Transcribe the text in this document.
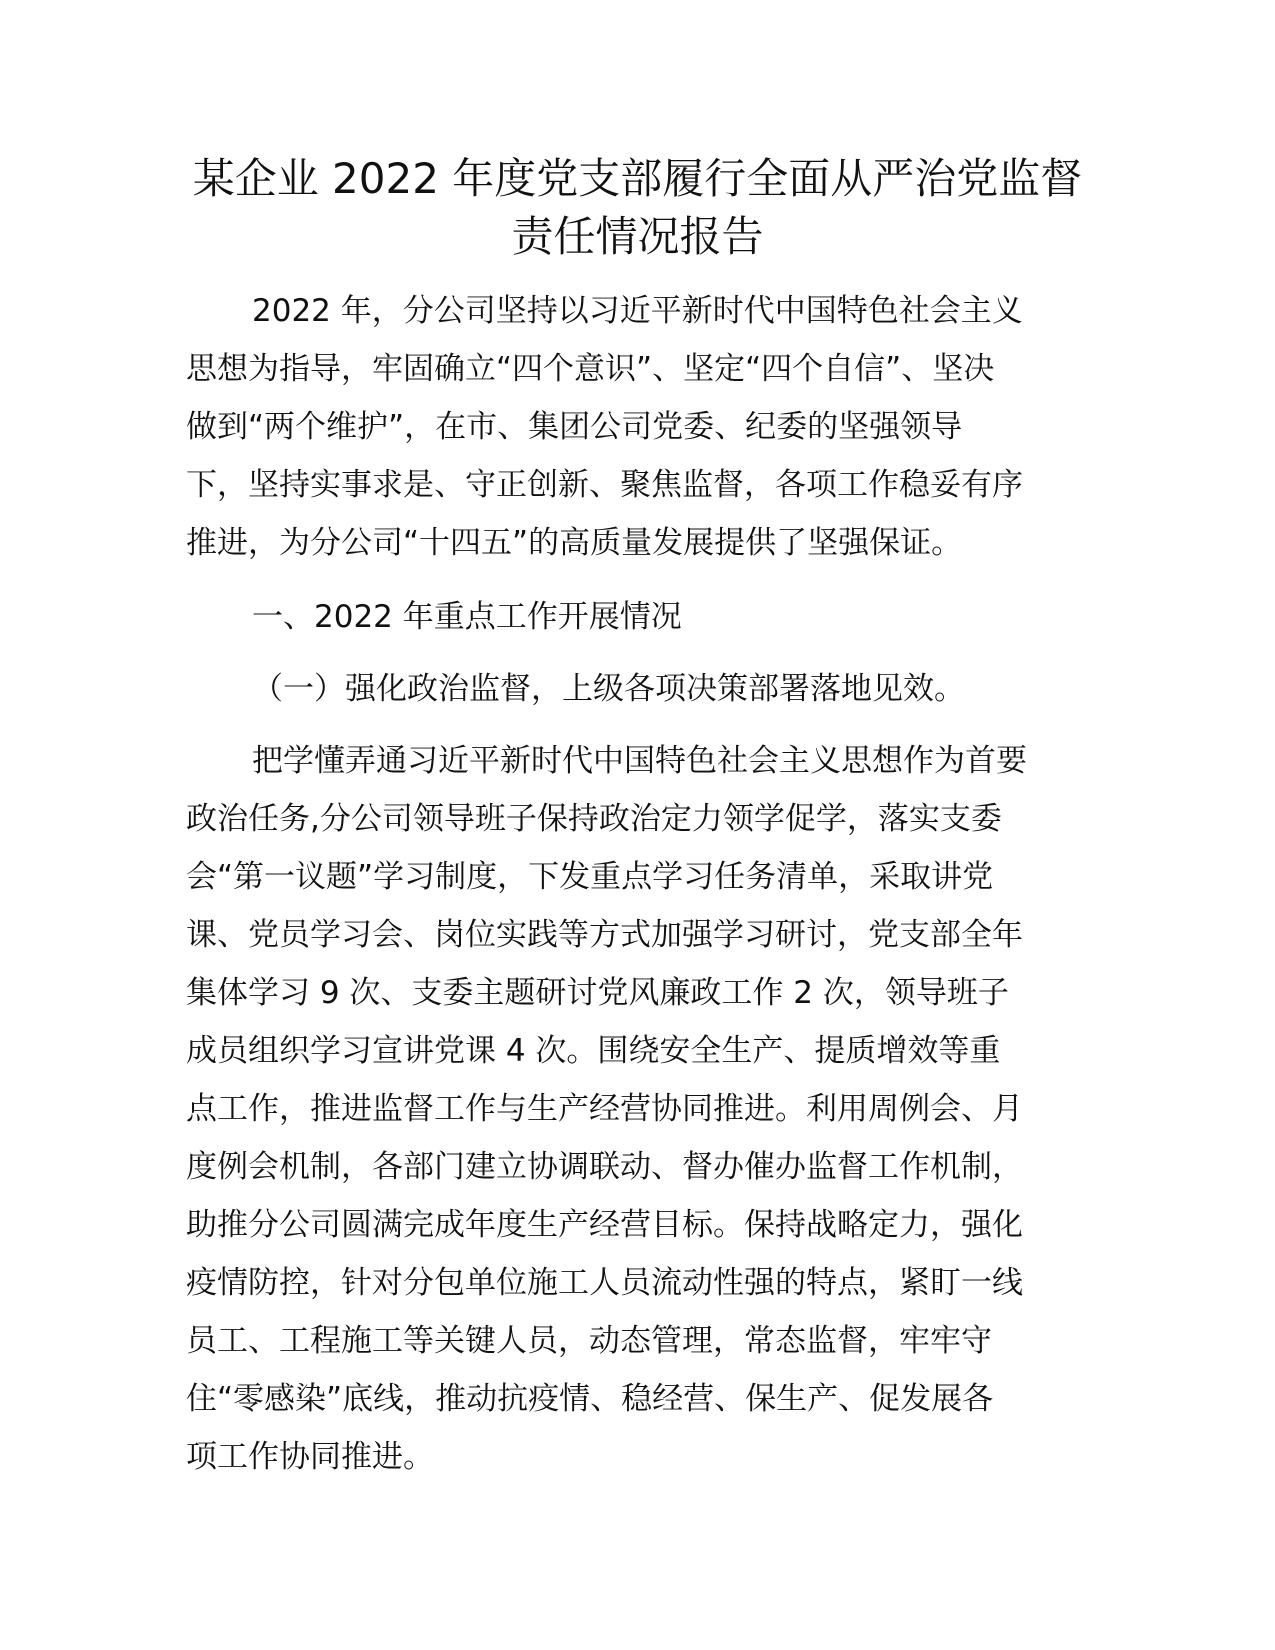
某企业 2022 年度党支部履行全面从严治党监督
责任情况报告

2022 年，分公司坚持以习近平新时代中国特色社会主义
思想为指导，牢固确立“四个意识”、坚定“四个自信”、坚决
做到“两个维护”，在市、集团公司党委、纪委的坚强领导
下，坚持实事求是、守正创新、聚焦监督，各项工作稳妥有序
推进，为分公司“十四五”的高质量发展提供了坚强保证。

一、2022 年重点工作开展情况

（一）强化政治监督，上级各项决策部署落地见效。

把学懂弄通习近平新时代中国特色社会主义思想作为首要
政治任务,分公司领导班子保持政治定力领学促学，落实支委
会“第一议题”学习制度，下发重点学习任务清单，采取讲党
课、党员学习会、岗位实践等方式加强学习研讨，党支部全年
集体学习 9 次、支委主题研讨党风廉政工作 2 次，领导班子
成员组织学习宣讲党课 4 次。围绕安全生产、提质增效等重
点工作，推进监督工作与生产经营协同推进。利用周例会、月
度例会机制，各部门建立协调联动、督办催办监督工作机制，
助推分公司圆满完成年度生产经营目标。保持战略定力，强化
疫情防控，针对分包单位施工人员流动性强的特点，紧盯一线
员工、工程施工等关键人员，动态管理，常态监督，牢牢守
住“零感染”底线，推动抗疫情、稳经营、保生产、促发展各
项工作协同推进。
